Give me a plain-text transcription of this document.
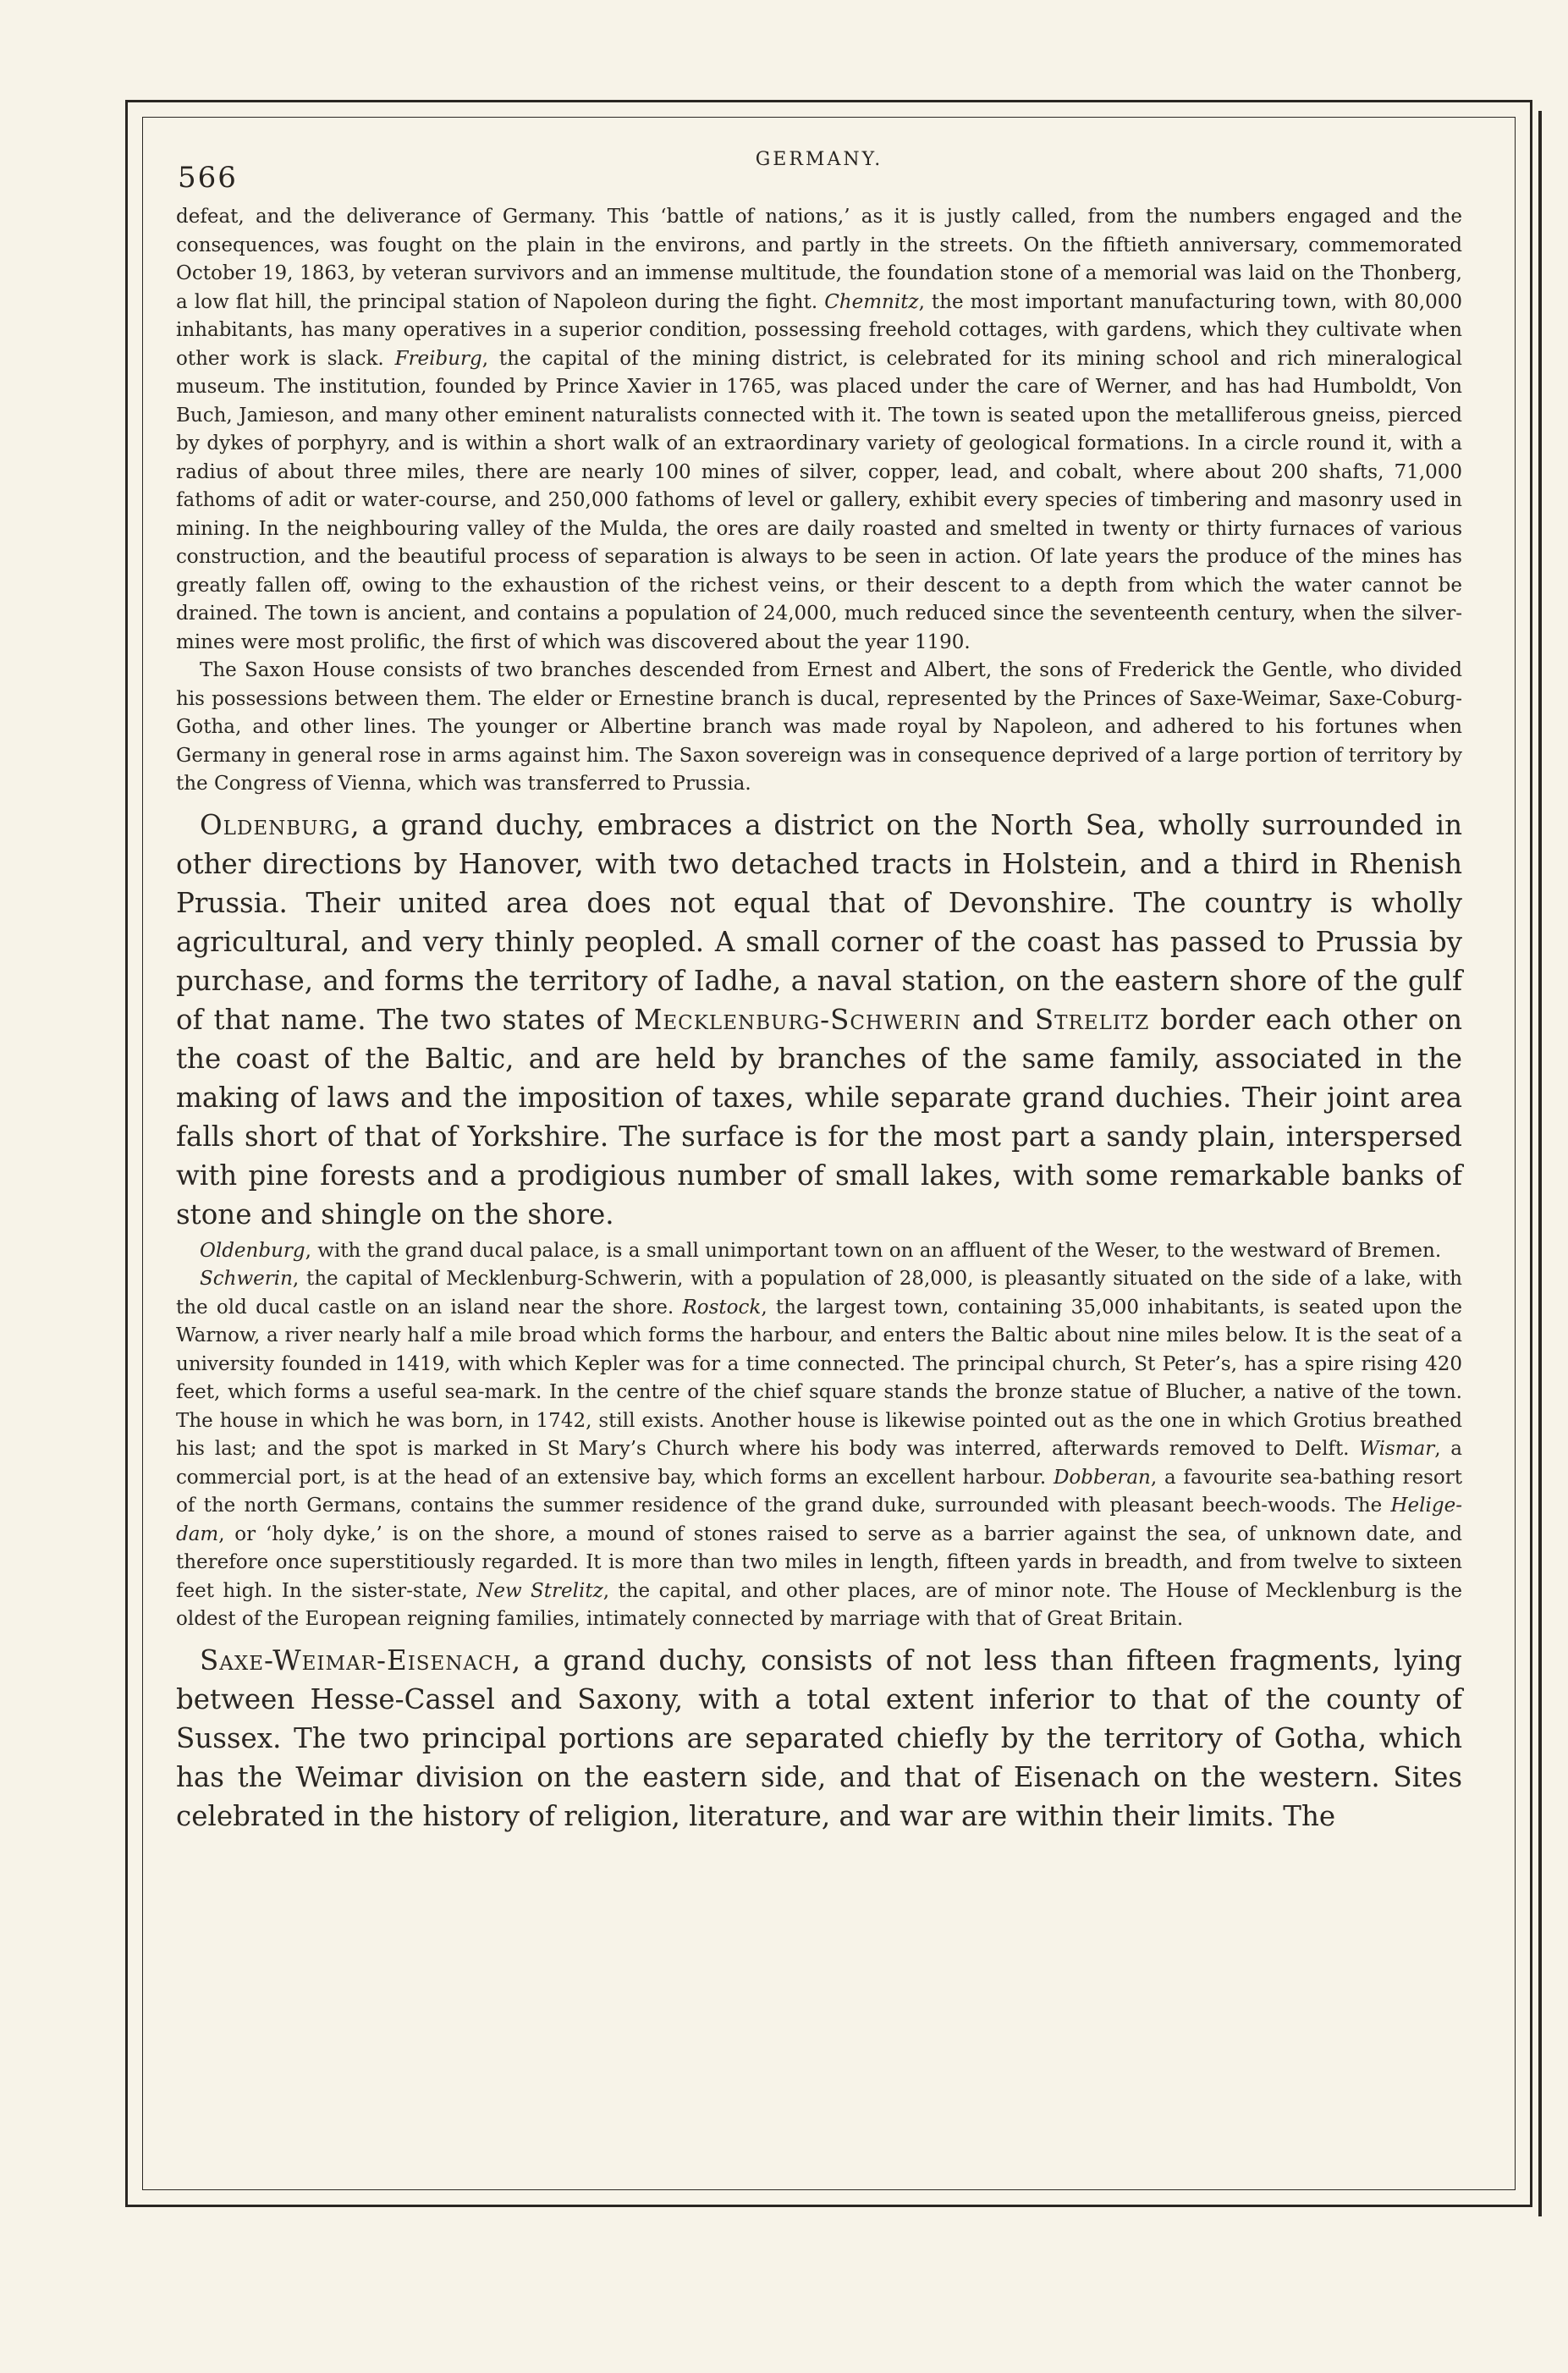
566
GERMANY.

defeat, and the deliverance of Germany. This ‘battle of nations,’ as it is justly called, from the numbers engaged and the consequences, was fought on the plain in the environs, and partly in the streets. On the fiftieth anniversary, commemorated October 19, 1863, by veteran survivors and an immense multitude, the foundation stone of a memorial was laid on the Thonberg, a low flat hill, the principal station of Napoleon during the fight. Chemnitz, the most important manufacturing town, with 80,000 inhabitants, has many operatives in a superior condition, possessing freehold cottages, with gardens, which they cultivate when other work is slack. Freiburg, the capital of the mining district, is celebrated for its mining school and rich mineralogical museum. The institution, founded by Prince Xavier in 1765, was placed under the care of Werner, and has had Humboldt, Von Buch, Jamieson, and many other eminent naturalists connected with it. The town is seated upon the metalliferous gneiss, pierced by dykes of porphyry, and is within a short walk of an extraordinary variety of geological formations. In a circle round it, with a radius of about three miles, there are nearly 100 mines of silver, copper, lead, and cobalt, where about 200 shafts, 71,000 fathoms of adit or water-course, and 250,000 fathoms of level or gallery, exhibit every species of timbering and masonry used in mining. In the neighbouring valley of the Mulda, the ores are daily roasted and smelted in twenty or thirty furnaces of various construction, and the beautiful process of separation is always to be seen in action. Of late years the produce of the mines has greatly fallen off, owing to the exhaustion of the richest veins, or their descent to a depth from which the water cannot be drained. The town is ancient, and contains a population of 24,000, much reduced since the seventeenth century, when the silver-mines were most prolific, the first of which was discovered about the year 1190.

The Saxon House consists of two branches descended from Ernest and Albert, the sons of Frederick the Gentle, who divided his possessions between them. The elder or Ernestine branch is ducal, represented by the Princes of Saxe-Weimar, Saxe-Coburg-Gotha, and other lines. The younger or Albertine branch was made royal by Napoleon, and adhered to his fortunes when Germany in general rose in arms against him. The Saxon sovereign was in consequence deprived of a large portion of territory by the Congress of Vienna, which was transferred to Prussia.

Oldenburg, a grand duchy, embraces a district on the North Sea, wholly surrounded in other directions by Hanover, with two detached tracts in Holstein, and a third in Rhenish Prussia. Their united area does not equal that of Devonshire. The country is wholly agricultural, and very thinly peopled. A small corner of the coast has passed to Prussia by purchase, and forms the territory of Iadhe, a naval station, on the eastern shore of the gulf of that name. The two states of Mecklenburg-Schwerin and Strelitz border each other on the coast of the Baltic, and are held by branches of the same family, associated in the making of laws and the imposition of taxes, while separate grand duchies. Their joint area falls short of that of Yorkshire. The surface is for the most part a sandy plain, interspersed with pine forests and a prodigious number of small lakes, with some remarkable banks of stone and shingle on the shore.

Oldenburg, with the grand ducal palace, is a small unimportant town on an affluent of the Weser, to the westward of Bremen.

Schwerin, the capital of Mecklenburg-Schwerin, with a population of 28,000, is pleasantly situated on the side of a lake, with the old ducal castle on an island near the shore. Rostock, the largest town, containing 35,000 inhabitants, is seated upon the Warnow, a river nearly half a mile broad which forms the harbour, and enters the Baltic about nine miles below. It is the seat of a university founded in 1419, with which Kepler was for a time connected. The principal church, St Peter’s, has a spire rising 420 feet, which forms a useful sea-mark. In the centre of the chief square stands the bronze statue of Blucher, a native of the town. The house in which he was born, in 1742, still exists. Another house is likewise pointed out as the one in which Grotius breathed his last; and the spot is marked in St Mary’s Church where his body was interred, afterwards removed to Delft. Wismar, a commercial port, is at the head of an extensive bay, which forms an excellent harbour. Dobberan, a favourite sea-bathing resort of the north Germans, contains the summer residence of the grand duke, surrounded with pleasant beech-woods. The Helige-dam, or ‘holy dyke,’ is on the shore, a mound of stones raised to serve as a barrier against the sea, of unknown date, and therefore once superstitiously regarded. It is more than two miles in length, fifteen yards in breadth, and from twelve to sixteen feet high. In the sister-state, New Strelitz, the capital, and other places, are of minor note. The House of Mecklenburg is the oldest of the European reigning families, intimately connected by marriage with that of Great Britain.

Saxe-Weimar-Eisenach, a grand duchy, consists of not less than fifteen fragments, lying between Hesse-Cassel and Saxony, with a total extent inferior to that of the county of Sussex. The two principal portions are separated chiefly by the territory of Gotha, which has the Weimar division on the eastern side, and that of Eisenach on the western. Sites celebrated in the history of religion, literature, and war are within their limits. The
